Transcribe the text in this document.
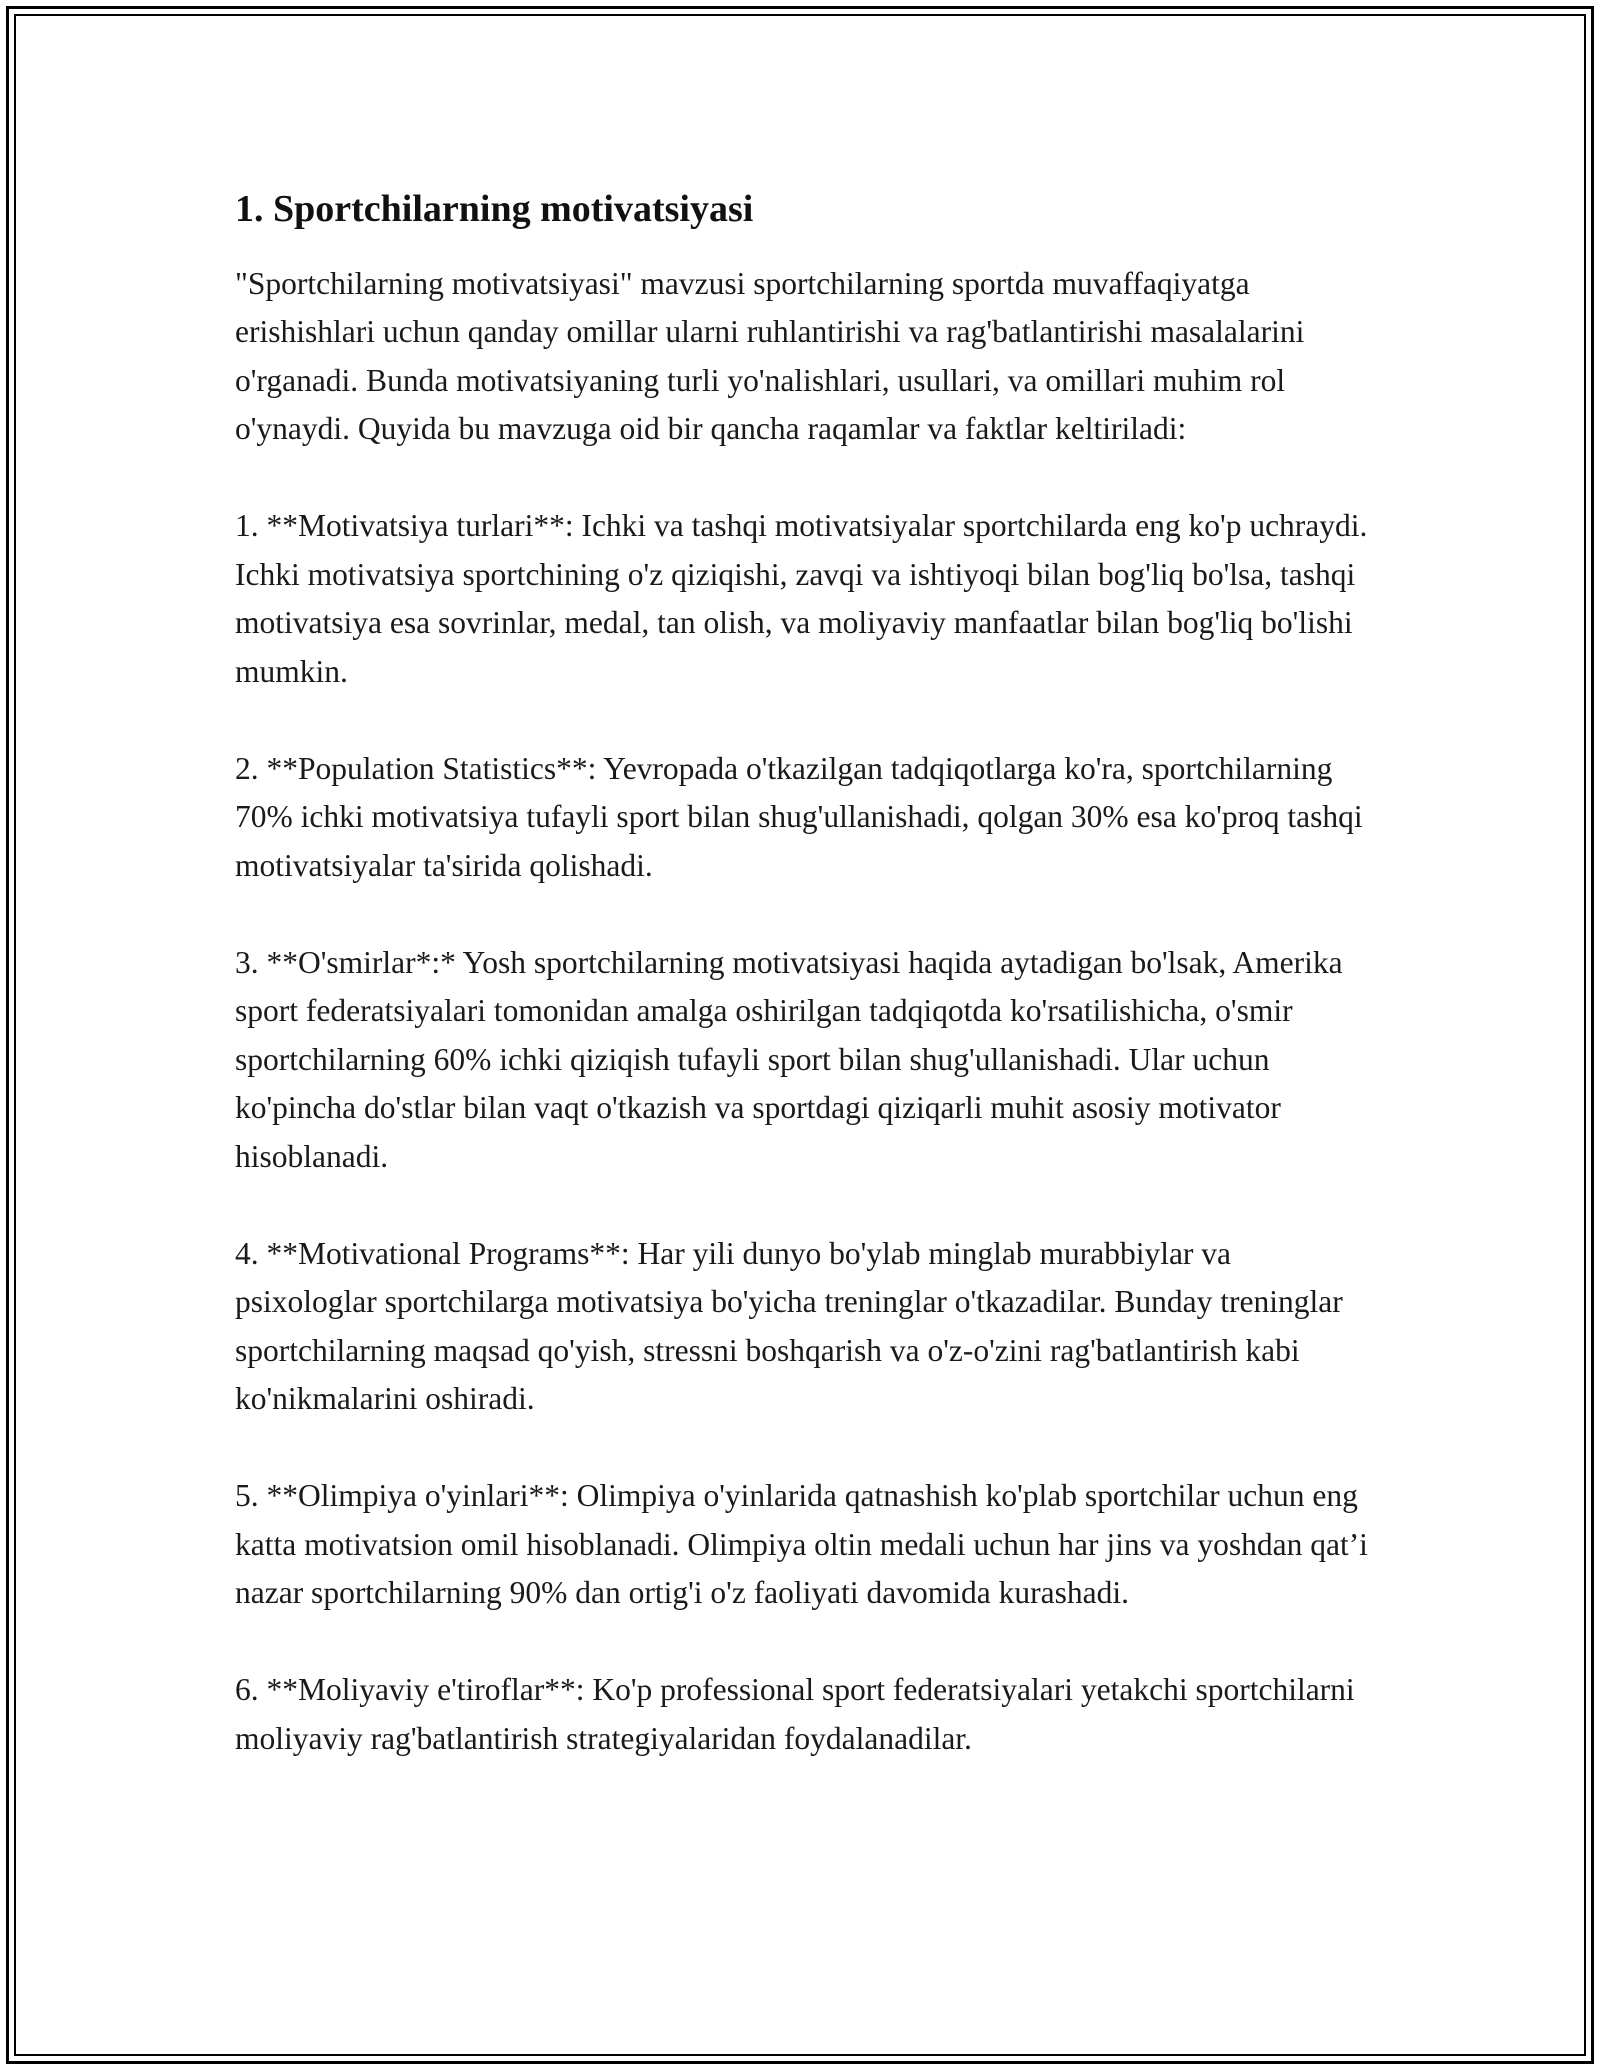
1. Sportchilarning motivatsiyasi

"Sportchilarning motivatsiyasi" mavzusi sportchilarning sportda muvaffaqiyatga erishishlari uchun qanday omillar ularni ruhlantirishi va rag'batlantirishi masalalarini o'rganadi. Bunda motivatsiyaning turli yo'nalishlari, usullari, va omillari muhim rol o'ynaydi. Quyida bu mavzuga oid bir qancha raqamlar va faktlar keltiriladi:

1. **Motivatsiya turlari**: Ichki va tashqi motivatsiyalar sportchilarda eng ko'p uchraydi. Ichki motivatsiya sportchining o'z qiziqishi, zavqi va ishtiyoqi bilan bog'liq bo'lsa, tashqi motivatsiya esa sovrinlar, medal, tan olish, va moliyaviy manfaatlar bilan bog'liq bo'lishi mumkin.

2. **Population Statistics**: Yevropada o'tkazilgan tadqiqotlarga ko'ra, sportchilarning 70% ichki motivatsiya tufayli sport bilan shug'ullanishadi, qolgan 30% esa ko'proq tashqi motivatsiyalar ta'sirida qolishadi.

3. **O'smirlar*:* Yosh sportchilarning motivatsiyasi haqida aytadigan bo'lsak, Amerika sport federatsiyalari tomonidan amalga oshirilgan tadqiqotda ko'rsatilishicha, o'smir sportchilarning 60% ichki qiziqish tufayli sport bilan shug'ullanishadi. Ular uchun ko'pincha do'stlar bilan vaqt o'tkazish va sportdagi qiziqarli muhit asosiy motivator hisoblanadi.

4. **Motivational Programs**: Har yili dunyo bo'ylab minglab murabbiylar va psixologlar sportchilarga motivatsiya bo'yicha treninglar o'tkazadilar. Bunday treninglar sportchilarning maqsad qo'yish, stressni boshqarish va o'z-o'zini rag'batlantirish kabi ko'nikmalarini oshiradi.

5. **Olimpiya o'yinlari**: Olimpiya o'yinlarida qatnashish ko'plab sportchilar uchun eng katta motivatsion omil hisoblanadi. Olimpiya oltin medali uchun har jins va yoshdan qat’i nazar sportchilarning 90% dan ortig'i o'z faoliyati davomida kurashadi.

6. **Moliyaviy e'tiroflar**: Ko'p professional sport federatsiyalari yetakchi sportchilarni moliyaviy rag'batlantirish strategiyalaridan foydalanadilar.
